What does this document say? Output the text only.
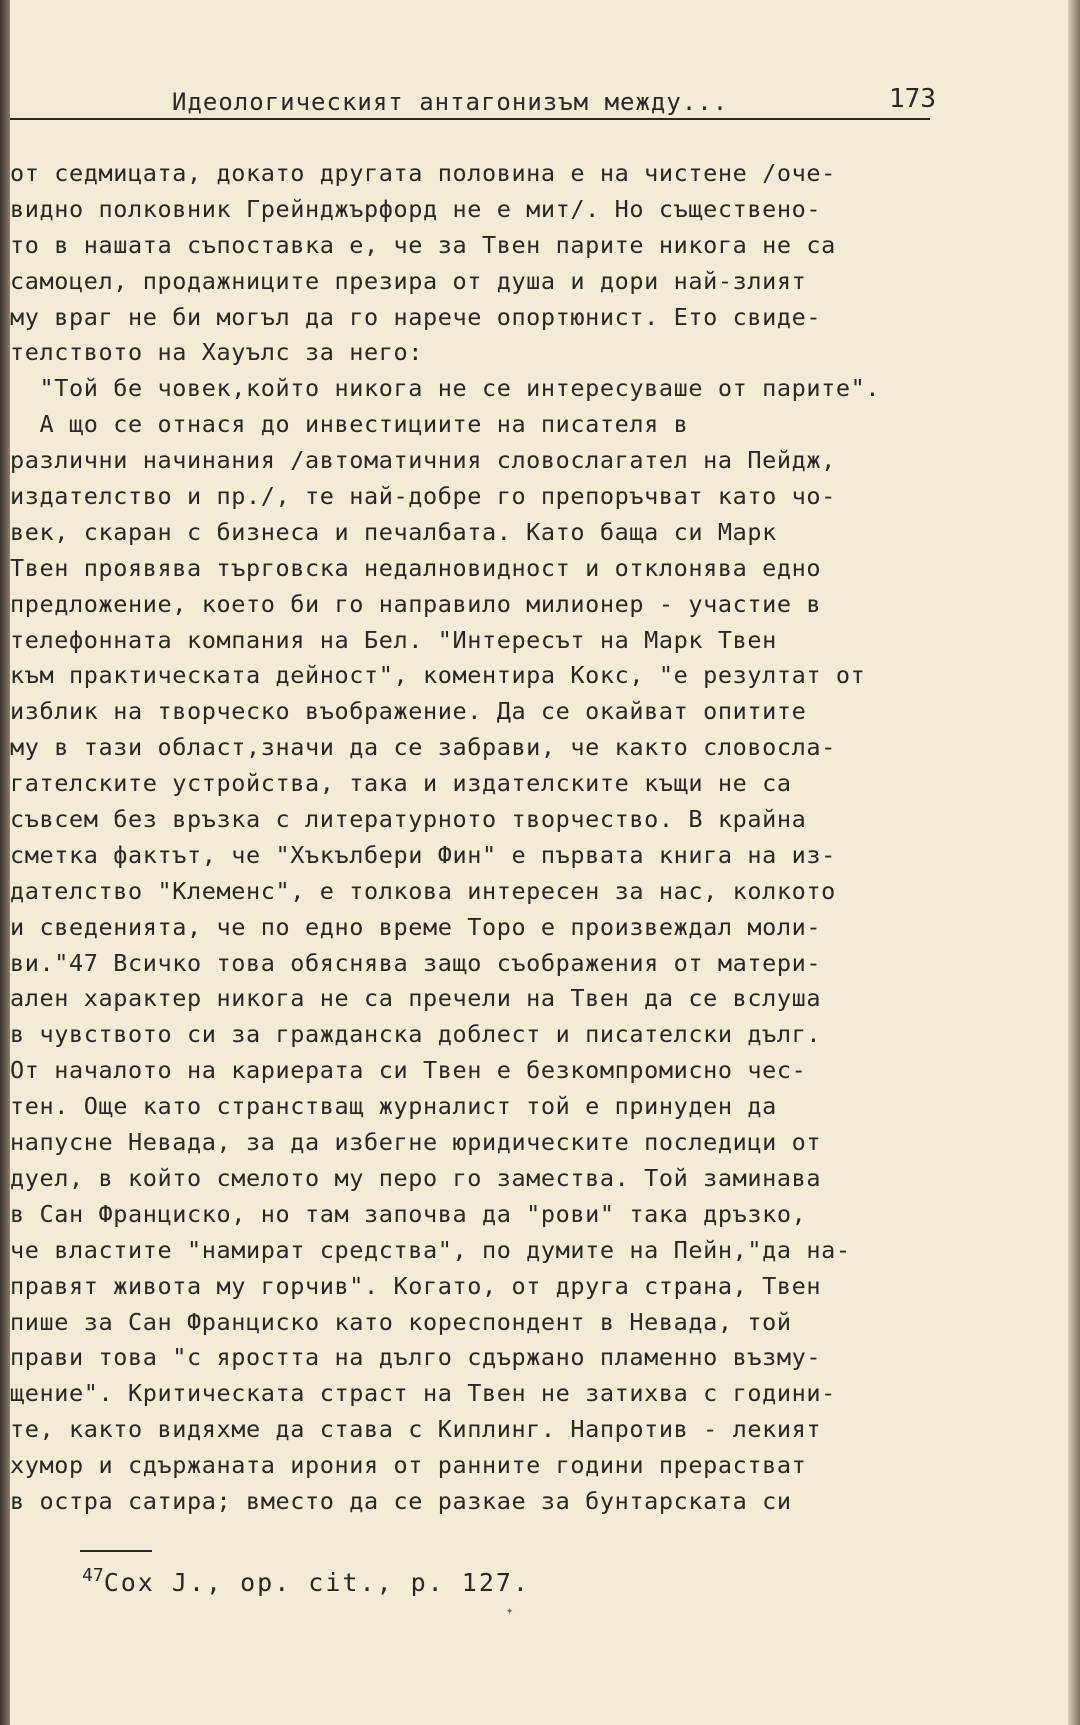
Идеологическият антагонизъм между...	173
от седмицата, докато другата половина е на чистене /оче-
видно полковник Грейнджърфорд не е мит/. Но съществено-
то в нашата съпоставка е, че за Твен парите никога не са
самоцел, продажниците презира от душа и дори най-злият
му враг не би могъл да го нарече опортюнист. Ето свиде-
телството на Хауълс за него:
"Той бе човек,който никога не се интересуваше от парите".
А що се отнася до инвестициите на писателя в
различни начинания /автоматичния словослагател на Пейдж,
издателство и пр./, те най-добре го препоръчват като чо-
век, скаран с бизнеса и печалбата. Като баща си Марк
Твен проявява търговска недалновидност и отклонява едно
предложение, което би го направило милионер - участие в
телефонната компания на Бел. "Интересът на Марк Твен
към практическата дейност", коментира Кокс, "е резултат от
изблик на творческо въображение. Да се окайват опитите
му в тази област,значи да се забрави, че както словосла-
гателските устройства, така и издателските къщи не са
съвсем без връзка с литературното творчество. В крайна
сметка фактът, че "Хъкълбери Фин" е първата книга на из-
дателство "Клеменс", е толкова интересен за нас, колкото
и сведенията, че по едно време Торо е произвеждал моли-
ви."47 Всичко това обяснява защо съображения от матери-
ален характер никога не са пречели на Твен да се вслуша
в чувството си за гражданска доблест и писателски дълг.
От началото на кариерата си Твен е безкомпромисно чес-
тен. Още като странстващ журналист той е принуден да
напусне Невада, за да избегне юридическите последици от
дуел, в който смелото му перо го замества. Той заминава
в Сан Франциско, но там започва да "рови" така дръзко,
че властите "намират средства", по думите на Пейн,"да на-
правят живота му горчив". Когато, от друга страна, Твен
пише за Сан Франциско като кореспондент в Невада, той
прави това "с яростта на дълго сдържано пламенно възму-
щение". Критическата страст на Твен не затихва с години-
те, както видяхме да става с Киплинг. Напротив - лекият
хумор и сдържаната ирония от ранните години прерастват
в остра сатира; вместо да се разкае за бунтарската си
$^{47}$Cox J., op. cit., p. 127.
✦
